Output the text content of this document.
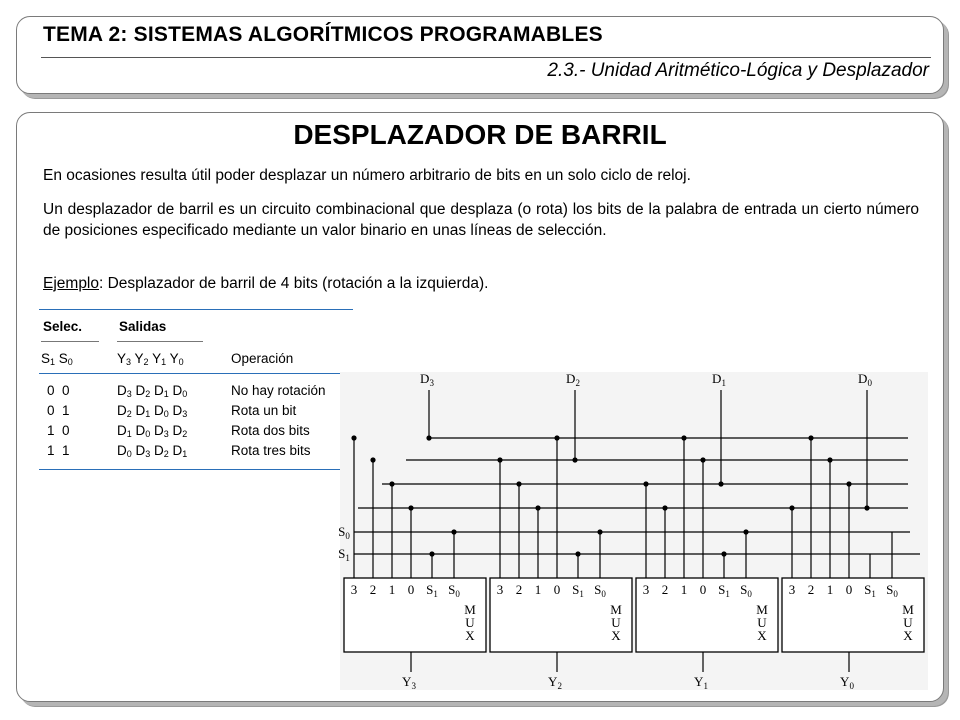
TEMA 2: SISTEMAS ALGORÍTMICOS PROGRAMABLES
2.3.- Unidad Aritmético-Lógica y Desplazador
DESPLAZADOR DE BARRIL
En ocasiones resulta útil poder desplazar un número arbitrario de bits en un solo ciclo de reloj.
Un desplazador de barril es un circuito combinacional que desplaza (o rota) los bits de la palabra de entrada un cierto número de posiciones especificado mediante un valor binario en unas líneas de selección.
Ejemplo: Desplazador de barril de 4 bits (rotación a la izquierda).
Selec.	Salidas
$S_1$ $S_0$	$Y_3$ $Y_2$ $Y_1$ $Y_0$	Operación
0  0	$D_3$ $D_2$ $D_1$ $D_0$	No hay rotación
0  1	$D_2$ $D_1$ $D_0$ $D_3$	Rota un bit
1  0	$D_1$ $D_0$ $D_3$ $D_2$	Rota dos bits
1  1	$D_0$ $D_3$ $D_2$ $D_1$	Rota tres bits
$D_3$	$D_2$	$D_1$	$D_0$
$S_0$
$S_1$
3 2 1 0 $S_1$ $S_0$
M
U
X
$Y_3$
3 2 1 0 $S_1$ $S_0$
M
U
X
$Y_2$
3 2 1 0 $S_1$ $S_0$
M
U
X
$Y_1$
3 2 1 0 $S_1$ $S_0$
M
U
X
$Y_0$
